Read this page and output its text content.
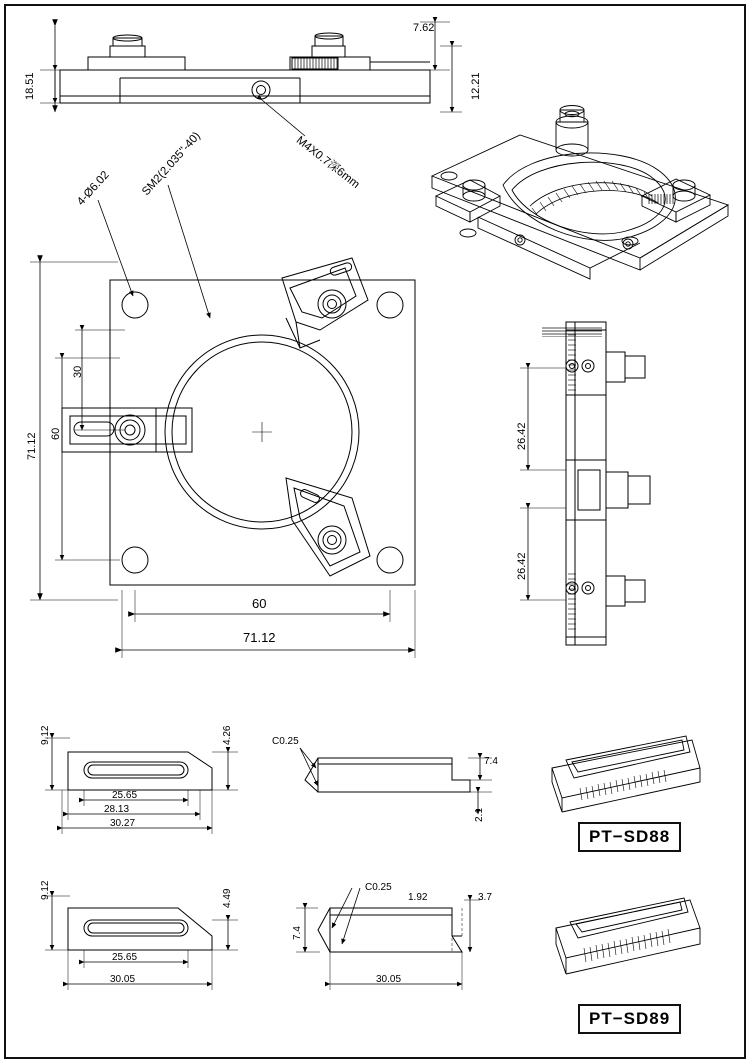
18.51
7.62
12.21
M4X0.7深6mm
4-Ø6.02	SM2(2.035"-40)
71.12	60
30
60
71.12
26.42
26.42
9.12	4.26
25.65
28.13
30.27
C0.25
7.4
2.1
9.12	4.49
25.65
30.05
7.4
C0.25
1.92	3.7
30.05
PT−SD88
PT−SD89
